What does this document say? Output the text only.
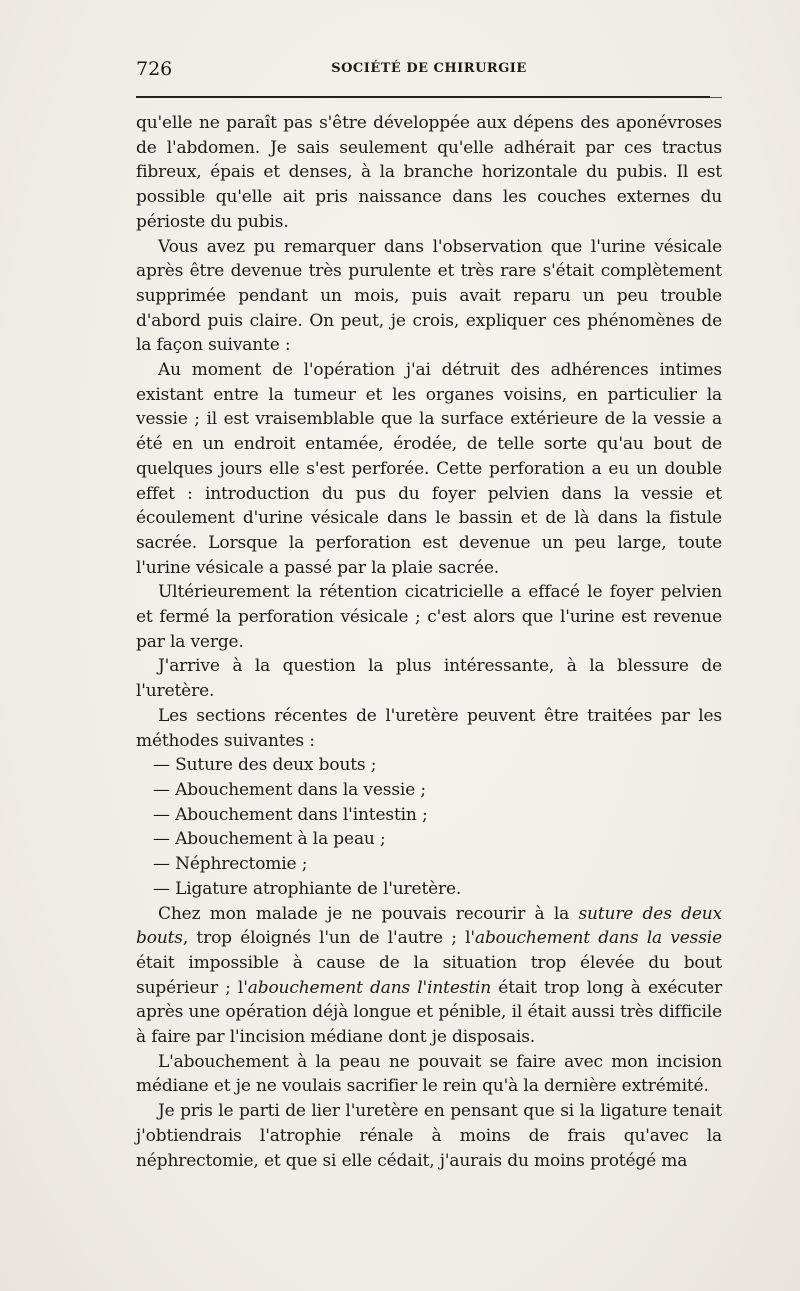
726	SOCIÉTÉ DE CHIRURGIE

qu'elle ne paraît pas s'être développée aux dépens des aponévroses de l'abdomen. Je sais seulement qu'elle adhérait par ces tractus fibreux, épais et denses, à la branche horizontale du pubis. Il est possible qu'elle ait pris naissance dans les couches externes du périoste du pubis.

Vous avez pu remarquer dans l'observation que l'urine vésicale après être devenue très purulente et très rare s'était complètement supprimée pendant un mois, puis avait reparu un peu trouble d'abord puis claire. On peut, je crois, expliquer ces phénomènes de la façon suivante :

Au moment de l'opération j'ai détruit des adhérences intimes existant entre la tumeur et les organes voisins, en particulier la vessie ; il est vraisemblable que la surface extérieure de la vessie a été en un endroit entamée, érodée, de telle sorte qu'au bout de quelques jours elle s'est perforée. Cette perforation a eu un double effet : introduction du pus du foyer pelvien dans la vessie et écoulement d'urine vésicale dans le bassin et de là dans la fistule sacrée. Lorsque la perforation est devenue un peu large, toute l'urine vésicale a passé par la plaie sacrée.

Ultérieurement la rétention cicatricielle a effacé le foyer pelvien et fermé la perforation vésicale ; c'est alors que l'urine est revenue par la verge.

J'arrive à la question la plus intéressante, à la blessure de l'uretère.

Les sections récentes de l'uretère peuvent être traitées par les méthodes suivantes :

— Suture des deux bouts ;
— Abouchement dans la vessie ;
— Abouchement dans l'intestin ;
— Abouchement à la peau ;
— Néphrectomie ;
— Ligature atrophiante de l'uretère.

Chez mon malade je ne pouvais recourir à la suture des deux bouts, trop éloignés l'un de l'autre ; l'abouchement dans la vessie était impossible à cause de la situation trop élevée du bout supérieur ; l'abouchement dans l'intestin était trop long à exécuter après une opération déjà longue et pénible, il était aussi très difficile à faire par l'incision médiane dont je disposais.

L'abouchement à la peau ne pouvait se faire avec mon incision médiane et je ne voulais sacrifier le rein qu'à la dernière extrémité.

Je pris le parti de lier l'uretère en pensant que si la ligature tenait j'obtiendrais l'atrophie rénale à moins de frais qu'avec la néphrectomie, et que si elle cédait, j'aurais du moins protégé ma
